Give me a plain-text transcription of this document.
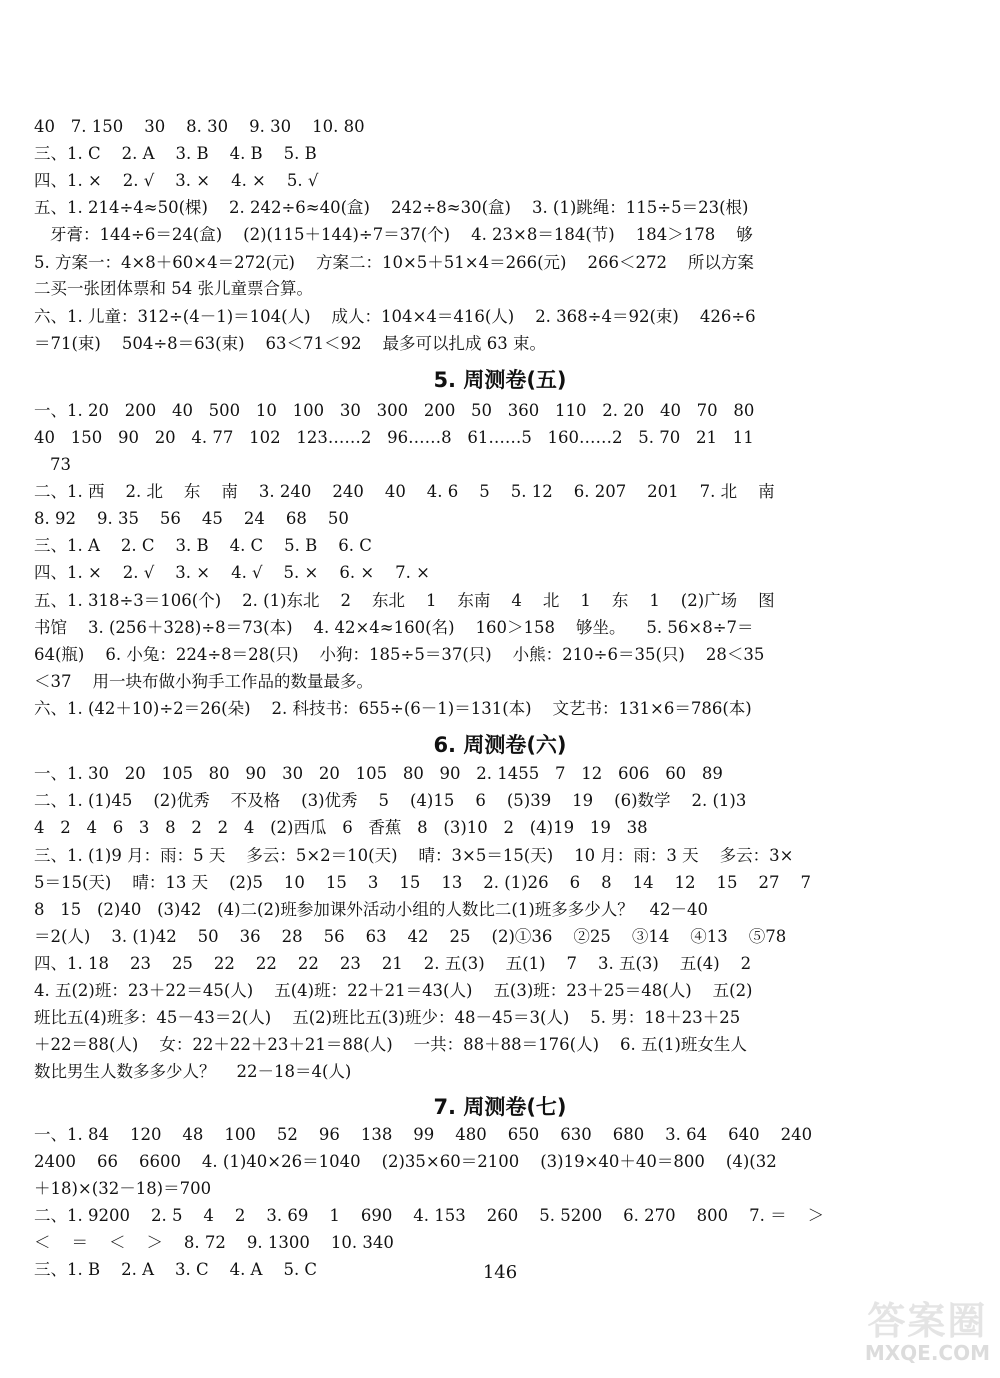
40   7. 150    30    8. 30    9. 30    10. 80
三、1. C    2. A    3. B    4. B    5. B
四、1. ×    2. √    3. ×    4. ×    5. √
五、1. 214÷4≈50(棵)    2. 242÷6≈40(盒)    242÷8≈30(盒)    3. (1)跳绳：115÷5＝23(根)
牙膏：144÷6＝24(盒)    (2)(115＋144)÷7＝37(个)    4. 23×8＝184(节)    184＞178    够
5. 方案一：4×8＋60×4＝272(元)    方案二：10×5＋51×4＝266(元)    266＜272    所以方案
二买一张团体票和 54 张儿童票合算。
六、1. 儿童：312÷(4－1)＝104(人)    成人：104×4＝416(人)    2. 368÷4＝92(束)    426÷6
＝71(束)    504÷8＝63(束)    63＜71＜92    最多可以扎成 63 束。
5. 周测卷(五)
一、1. 20   200   40   500   10   100   30   300   200   50   360   110   2. 20   40   70   80
40   150   90   20   4. 77   102   123……2   96……8   61……5   160……2   5. 70   21   11
73
二、1. 西    2. 北    东    南    3. 240    240    40    4. 6    5    5. 12    6. 207    201    7. 北    南
8. 92    9. 35    56    45    24    68    50
三、1. A    2. C    3. B    4. C    5. B    6. C
四、1. ×    2. √    3. ×    4. √    5. ×    6. ×    7. ×
五、1. 318÷3＝106(个)    2. (1)东北    2    东北    1    东南    4    北    1    东    1    (2)广场    图
书馆    3. (256＋328)÷8＝73(本)    4. 42×4≈160(名)    160＞158    够坐。    5. 56×8÷7＝
64(瓶)    6. 小兔：224÷8＝28(只)    小狗：185÷5＝37(只)    小熊：210÷6＝35(只)    28＜35
＜37    用一块布做小狗手工作品的数量最多。
六、1. (42＋10)÷2＝26(朵)    2. 科技书：655÷(6－1)＝131(本)    文艺书：131×6＝786(本)
6. 周测卷(六)
一、1. 30   20   105   80   90   30   20   105   80   90   2. 1455   7   12   606   60   89
二、1. (1)45    (2)优秀    不及格    (3)优秀    5    (4)15    6    (5)39    19    (6)数学    2. (1)3
4   2   4   6   3   8   2   2   4   (2)西瓜   6   香蕉   8   (3)10   2   (4)19   19   38
三、1. (1)9 月：雨：5 天    多云：5×2＝10(天)    晴：3×5＝15(天)    10 月：雨：3 天    多云：3×
5＝15(天)    晴：13 天    (2)5    10    15    3    15    13    2. (1)26    6    8    14    12    15    27    7
8   15   (2)40   (3)42   (4)二(2)班参加课外活动小组的人数比二(1)班多多少人？   42－40
＝2(人)    3. (1)42    50    36    28    56    63    42    25    (2)①36    ②25    ③14    ④13    ⑤78
四、1. 18    23    25    22    22    22    23    21    2. 五(3)    五(1)    7    3. 五(3)    五(4)    2
4. 五(2)班：23＋22＝45(人)    五(4)班：22＋21＝43(人)    五(3)班：23＋25＝48(人)    五(2)
班比五(4)班多：45－43＝2(人)    五(2)班比五(3)班少：48－45＝3(人)    5. 男：18＋23＋25
＋22＝88(人)    女：22＋22＋23＋21＝88(人)    一共：88＋88＝176(人)    6. 五(1)班女生人
数比男生人数多多少人？    22－18＝4(人)
7. 周测卷(七)
一、1. 84    120    48    100    52    96    138    99    480    650    630    680    3. 64    640    240
2400    66    6600    4. (1)40×26＝1040    (2)35×60＝2100    (3)19×40＋40＝800    (4)(32
＋18)×(32－18)＝700
二、1. 9200    2. 5    4    2    3. 69    1    690    4. 153    260    5. 5200    6. 270    800    7. ＝    ＞
＜    ＝    ＜    ＞    8. 72    9. 1300    10. 340
三、1. B    2. A    3. C    4. A    5. C	146
答案圈
MXQE.COM
